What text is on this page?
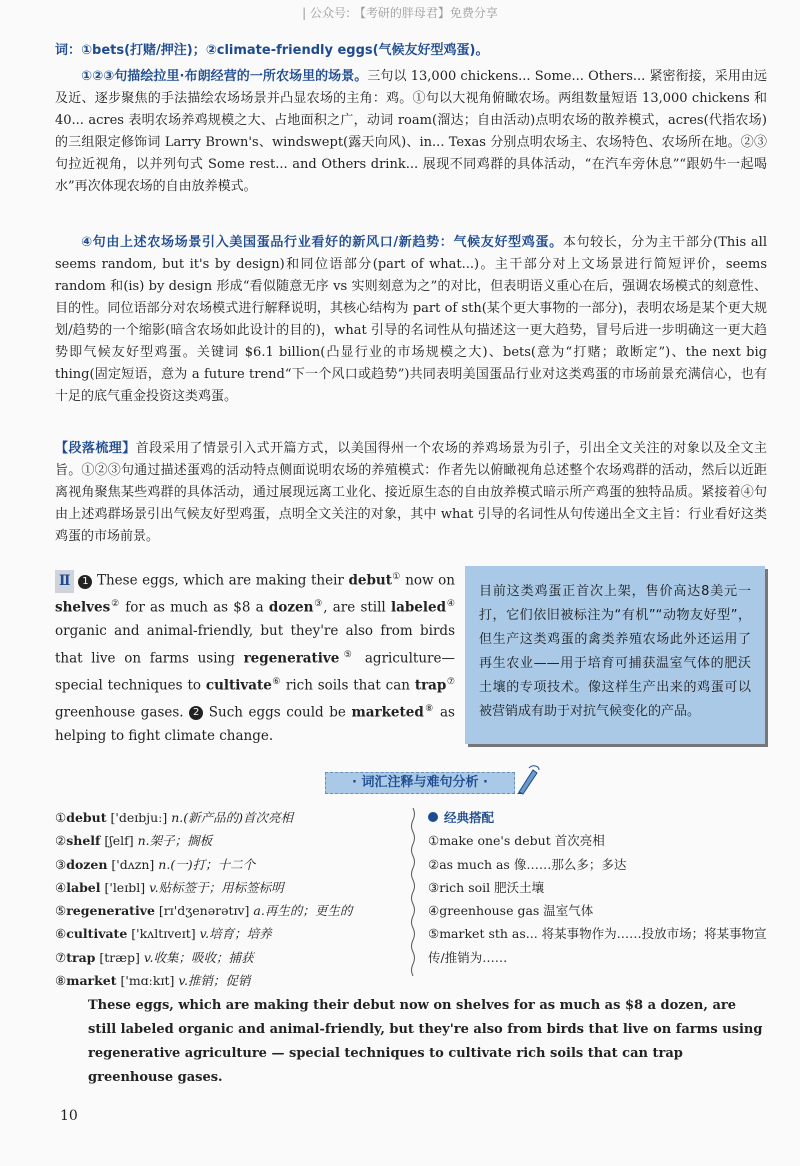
| 公众号: 【考研的胖母君】免费分享
词：①bets(打赌/押注)；②climate-friendly eggs(气候友好型鸡蛋)。
①②③句描绘拉里·布朗经营的一所农场里的场景。三句以 13,000 chickens... Some... Others... 紧密衔接，采用由远及近、逐步聚焦的手法描绘农场场景并凸显农场的主角：鸡。①句以大视角俯瞰农场。两组数量短语 13,000 chickens 和 40... acres 表明农场养鸡规模之大、占地面积之广，动词 roam(溜达；自由活动)点明农场的散养模式，acres(代指农场)的三组限定修饰词 Larry Brown's、windswept(露天向风)、in... Texas 分别点明农场主、农场特色、农场所在地。②③句拉近视角，以并列句式 Some rest... and Others drink... 展现不同鸡群的具体活动，“在汽车旁休息”“跟奶牛一起喝水”再次体现农场的自由放养模式。
④句由上述农场场景引入美国蛋品行业看好的新风口/新趋势：气候友好型鸡蛋。本句较长，分为主干部分(This all seems random, but it's by design)和同位语部分(part of what...)。主干部分对上文场景进行简短评价，seems random 和(is) by design 形成“看似随意无序 vs 实则刻意为之”的对比，但表明语义重心在后，强调农场模式的刻意性、目的性。同位语部分对农场模式进行解释说明，其核心结构为 part of sth(某个更大事物的一部分)，表明农场是某个更大规划/趋势的一个缩影(暗含农场如此设计的目的)，what 引导的名词性从句描述这一更大趋势，冒号后进一步明确这一更大趋势即气候友好型鸡蛋。关键词 $6.1 billion(凸显行业的市场规模之大)、bets(意为“打赌；敢断定”)、the next big thing(固定短语，意为 a future trend“下一个风口或趋势”)共同表明美国蛋品行业对这类鸡蛋的市场前景充满信心，也有十足的底气重金投资这类鸡蛋。
【段落梳理】首段采用了情景引入式开篇方式，以美国得州一个农场的养鸡场景为引子，引出全文关注的对象以及全文主旨。①②③句通过描述蛋鸡的活动特点侧面说明农场的养殖模式：作者先以俯瞰视角总述整个农场鸡群的活动，然后以近距离视角聚焦某些鸡群的具体活动，通过展现远离工业化、接近原生态的自由放养模式暗示所产鸡蛋的独特品质。紧接着④句由上述鸡群场景引出气候友好型鸡蛋，点明全文关注的对象，其中 what 引导的名词性从句传递出全文主旨：行业看好这类鸡蛋的市场前景。
Ⅱ 1 These eggs, which are making their debut① now on shelves② for as much as $8 a dozen③, are still labeled④ organic and animal-friendly, but they're also from birds that live on farms using regenerative⑤ agriculture—special techniques to cultivate⑥ rich soils that can trap⑦ greenhouse gases. 2 Such eggs could be marketed⑧ as helping to fight climate change.
目前这类鸡蛋正首次上架，售价高达8美元一打，它们依旧被标注为“有机”“动物友好型”，但生产这类鸡蛋的禽类养殖农场此外还运用了再生农业——用于培育可捕获温室气体的肥沃土壤的专项技术。像这样生产出来的鸡蛋可以被营销成有助于对抗气候变化的产品。
· 词汇注释与难句分析 ·
①debut ['deɪbjuː] n.(新产品的)首次亮相
②shelf [ʃelf] n.架子；搁板
③dozen ['dʌzn] n.(一)打；十二个
④label ['leɪbl] v.贴标签于；用标签标明
⑤regenerative [rɪ'dʒenərətɪv] a.再生的；更生的
⑥cultivate ['kʌltɪveɪt] v.培育；培养
⑦trap [træp] v.收集；吸收；捕获
⑧market ['mɑːkɪt] v.推销；促销
经典搭配
①make one's debut 首次亮相
②as much as 像……那么多；多达
③rich soil 肥沃土壤
④greenhouse gas 温室气体
⑤market sth as... 将某事物作为……投放市场；将某事物宣传/推销为……
These eggs, which are making their debut now on shelves for as much as $8 a dozen, are still labeled organic and animal-friendly, but they're also from birds that live on farms using regenerative agriculture — special techniques to cultivate rich soils that can trap greenhouse gases.
10
